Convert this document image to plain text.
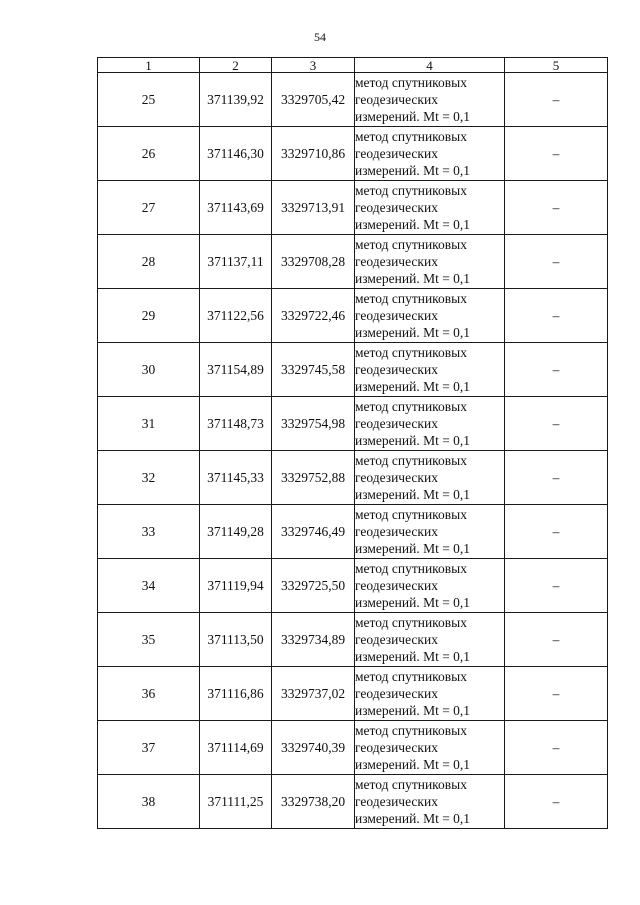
54
1	2	3	4	5
25	371139,92	3329705,42	метод спутниковых
геодезических
измерений. Mt = 0,1	–
26	371146,30	3329710,86	метод спутниковых
геодезических
измерений. Mt = 0,1	–
27	371143,69	3329713,91	метод спутниковых
геодезических
измерений. Mt = 0,1	–
28	371137,11	3329708,28	метод спутниковых
геодезических
измерений. Mt = 0,1	–
29	371122,56	3329722,46	метод спутниковых
геодезических
измерений. Mt = 0,1	–
30	371154,89	3329745,58	метод спутниковых
геодезических
измерений. Mt = 0,1	–
31	371148,73	3329754,98	метод спутниковых
геодезических
измерений. Mt = 0,1	–
32	371145,33	3329752,88	метод спутниковых
геодезических
измерений. Mt = 0,1	–
33	371149,28	3329746,49	метод спутниковых
геодезических
измерений. Mt = 0,1	–
34	371119,94	3329725,50	метод спутниковых
геодезических
измерений. Mt = 0,1	–
35	371113,50	3329734,89	метод спутниковых
геодезических
измерений. Mt = 0,1	–
36	371116,86	3329737,02	метод спутниковых
геодезических
измерений. Mt = 0,1	–
37	371114,69	3329740,39	метод спутниковых
геодезических
измерений. Mt = 0,1	–
38	371111,25	3329738,20	метод спутниковых
геодезических
измерений. Mt = 0,1	–
